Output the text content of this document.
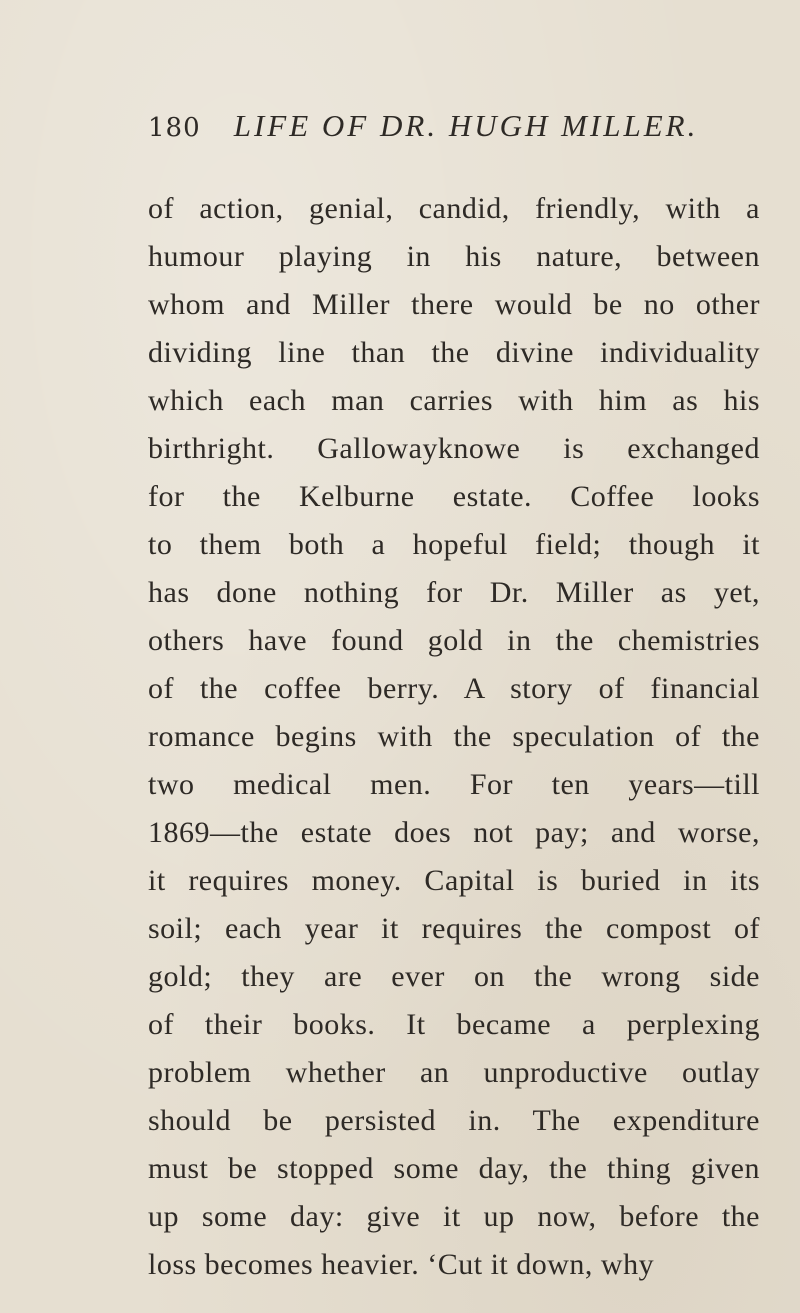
180 LIFE OF DR. HUGH MILLER.
of action, genial, candid, friendly, with a
humour playing in his nature, between
whom and Miller there would be no other
dividing line than the divine individuality
which each man carries with him as his
birthright. Gallowayknowe is exchanged
for the Kelburne estate. Coffee looks
to them both a hopeful field; though it
has done nothing for Dr. Miller as yet,
others have found gold in the chemistries
of the coffee berry. A story of financial
romance begins with the speculation of the
two medical men. For ten years—till
1869—the estate does not pay; and worse,
it requires money. Capital is buried in its
soil; each year it requires the compost of
gold; they are ever on the wrong side
of their books. It became a perplexing
problem whether an unproductive outlay
should be persisted in. The expenditure
must be stopped some day, the thing given
up some day: give it up now, before the
loss becomes heavier. ‘Cut it down, why
